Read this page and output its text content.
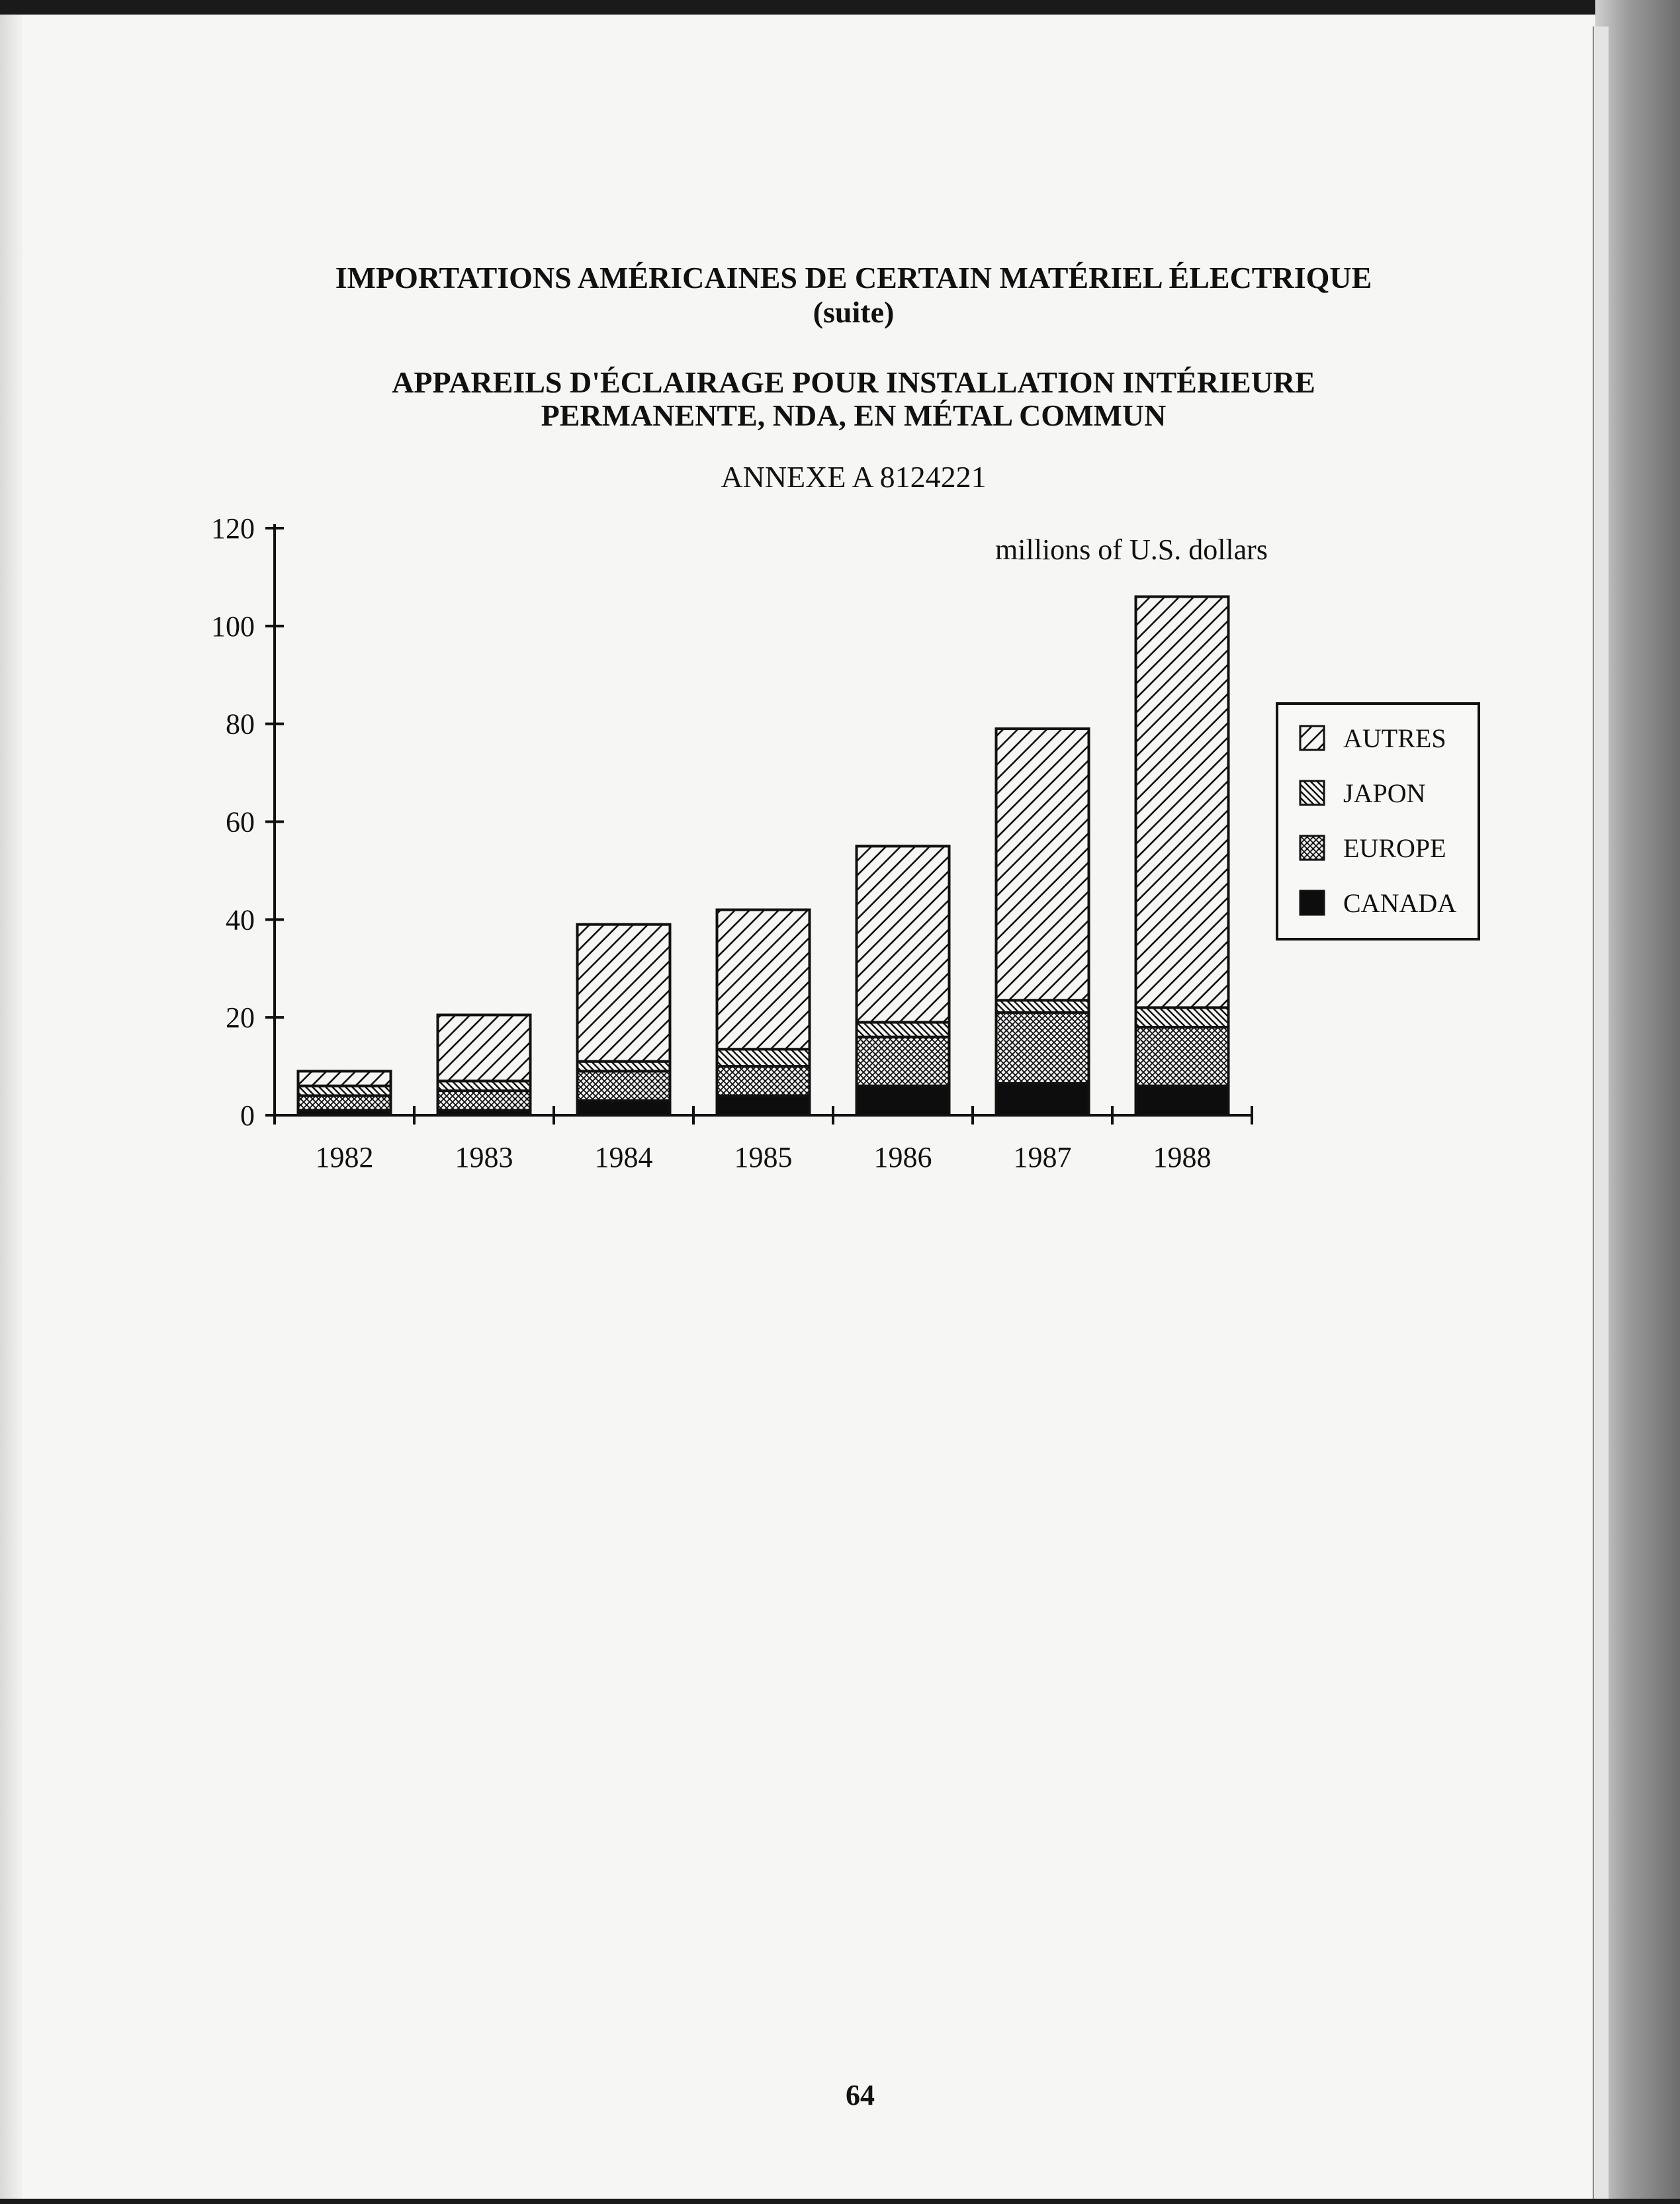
IMPORTATIONS AMÉRICAINES DE CERTAIN MATÉRIEL ÉLECTRIQUE

(suite)

APPAREILS D'ÉCLAIRAGE POUR INSTALLATION INTÉRIEURE

PERMANENTE, NDA, EN MÉTAL COMMUN

ANNEXE A 8124221
0
20
40
60
80
100
120
1982	1983	1984	1985	1986	1987	1988
AUTRES
JAPON
EUROPE
CANADA
millions of U.S. dollars
64
